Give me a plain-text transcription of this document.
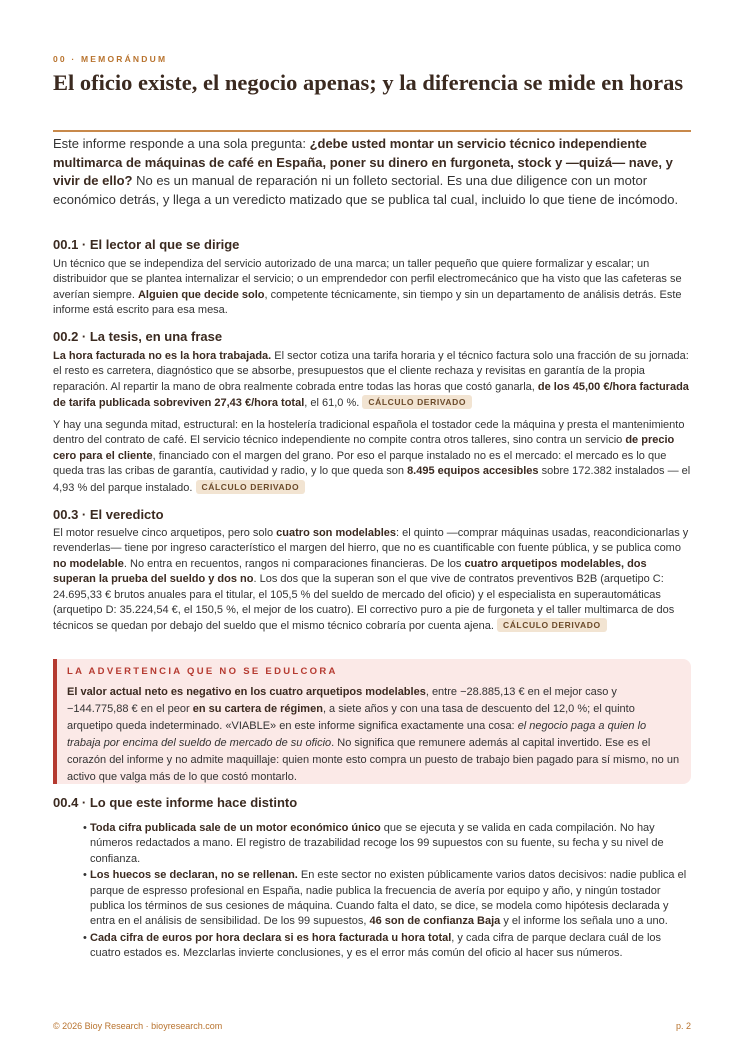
00 · MEMORÁNDUM
El oficio existe, el negocio apenas; y la diferencia se mide en horas

Este informe responde a una sola pregunta: ¿debe usted montar un servicio técnico independiente multimarca de máquinas de café en España, poner su dinero en furgoneta, stock y —quizá— nave, y vivir de ello? No es un manual de reparación ni un folleto sectorial. Es una due diligence con un motor económico detrás, y llega a un veredicto matizado que se publica tal cual, incluido lo que tiene de incómodo.

00.1 · El lector al que se dirige

Un técnico que se independiza del servicio autorizado de una marca; un taller pequeño que quiere formalizar y escalar; un distribuidor que se plantea internalizar el servicio; o un emprendedor con perfil electromecánico que ha visto que las cafeteras se averían siempre. Alguien que decide solo, competente técnicamente, sin tiempo y sin un departamento de análisis detrás. Este informe está escrito para esa mesa.

00.2 · La tesis, en una frase

La hora facturada no es la hora trabajada. El sector cotiza una tarifa horaria y el técnico factura solo una fracción de su jornada: el resto es carretera, diagnóstico que se absorbe, presupuestos que el cliente rechaza y revisitas en garantía de la propia reparación. Al repartir la mano de obra realmente cobrada entre todas las horas que costó ganarla, de los 45,00 €/hora facturada de tarifa publicada sobreviven 27,43 €/hora total, el 61,0 %. CÁLCULO DERIVADO

Y hay una segunda mitad, estructural: en la hostelería tradicional española el tostador cede la máquina y presta el mantenimiento dentro del contrato de café. El servicio técnico independiente no compite contra otros talleres, sino contra un servicio de precio cero para el cliente, financiado con el margen del grano. Por eso el parque instalado no es el mercado: el mercado es lo que queda tras las cribas de garantía, cautividad y radio, y lo que queda son 8.495 equipos accesibles sobre 172.382 instalados — el 4,93 % del parque instalado. CÁLCULO DERIVADO

00.3 · El veredicto

El motor resuelve cinco arquetipos, pero solo cuatro son modelables: el quinto —comprar máquinas usadas, reacondicionarlas y revenderlas— tiene por ingreso característico el margen del hierro, que no es cuantificable con fuente pública, y se publica como no modelable. No entra en recuentos, rangos ni comparaciones financieras. De los cuatro arquetipos modelables, dos superan la prueba del sueldo y dos no. Los dos que la superan son el que vive de contratos preventivos B2B (arquetipo C: 24.695,33 € brutos anuales para el titular, el 105,5 % del sueldo de mercado del oficio) y el especialista en superautomáticas (arquetipo D: 35.224,54 €, el 150,5 %, el mejor de los cuatro). El correctivo puro a pie de furgoneta y el taller multimarca de dos técnicos se quedan por debajo del sueldo que el mismo técnico cobraría por cuenta ajena. CÁLCULO DERIVADO

LA ADVERTENCIA QUE NO SE EDULCORA

El valor actual neto es negativo en los cuatro arquetipos modelables, entre −28.885,13 € en el mejor caso y −144.775,88 € en el peor en su cartera de régimen, a siete años y con una tasa de descuento del 12,0 %; el quinto arquetipo queda indeterminado. «VIABLE» en este informe significa exactamente una cosa: el negocio paga a quien lo trabaja por encima del sueldo de mercado de su oficio. No significa que remunere además al capital invertido. Ese es el corazón del informe y no admite maquillaje: quien monte esto compra un puesto de trabajo bien pagado para sí mismo, no un activo que valga más de lo que costó montarlo.

00.4 · Lo que este informe hace distinto
• Toda cifra publicada sale de un motor económico único que se ejecuta y se valida en cada compilación. No hay números redactados a mano. El registro de trazabilidad recoge los 99 supuestos con su fuente, su fecha y su nivel de confianza.
• Los huecos se declaran, no se rellenan. En este sector no existen públicamente varios datos decisivos: nadie publica el parque de espresso profesional en España, nadie publica la frecuencia de avería por equipo y año, y ningún tostador publica los términos de sus cesiones de máquina. Cuando falta el dato, se dice, se modela como hipótesis declarada y entra en el análisis de sensibilidad. De los 99 supuestos, 46 son de confianza Baja y el informe los señala uno a uno.
• Cada cifra de euros por hora declara si es hora facturada u hora total, y cada cifra de parque declara cuál de los cuatro estados es. Mezclarlas invierte conclusiones, y es el error más común del oficio al hacer sus números.
© 2026 Bioy Research · bioyresearch.com	p. 2
